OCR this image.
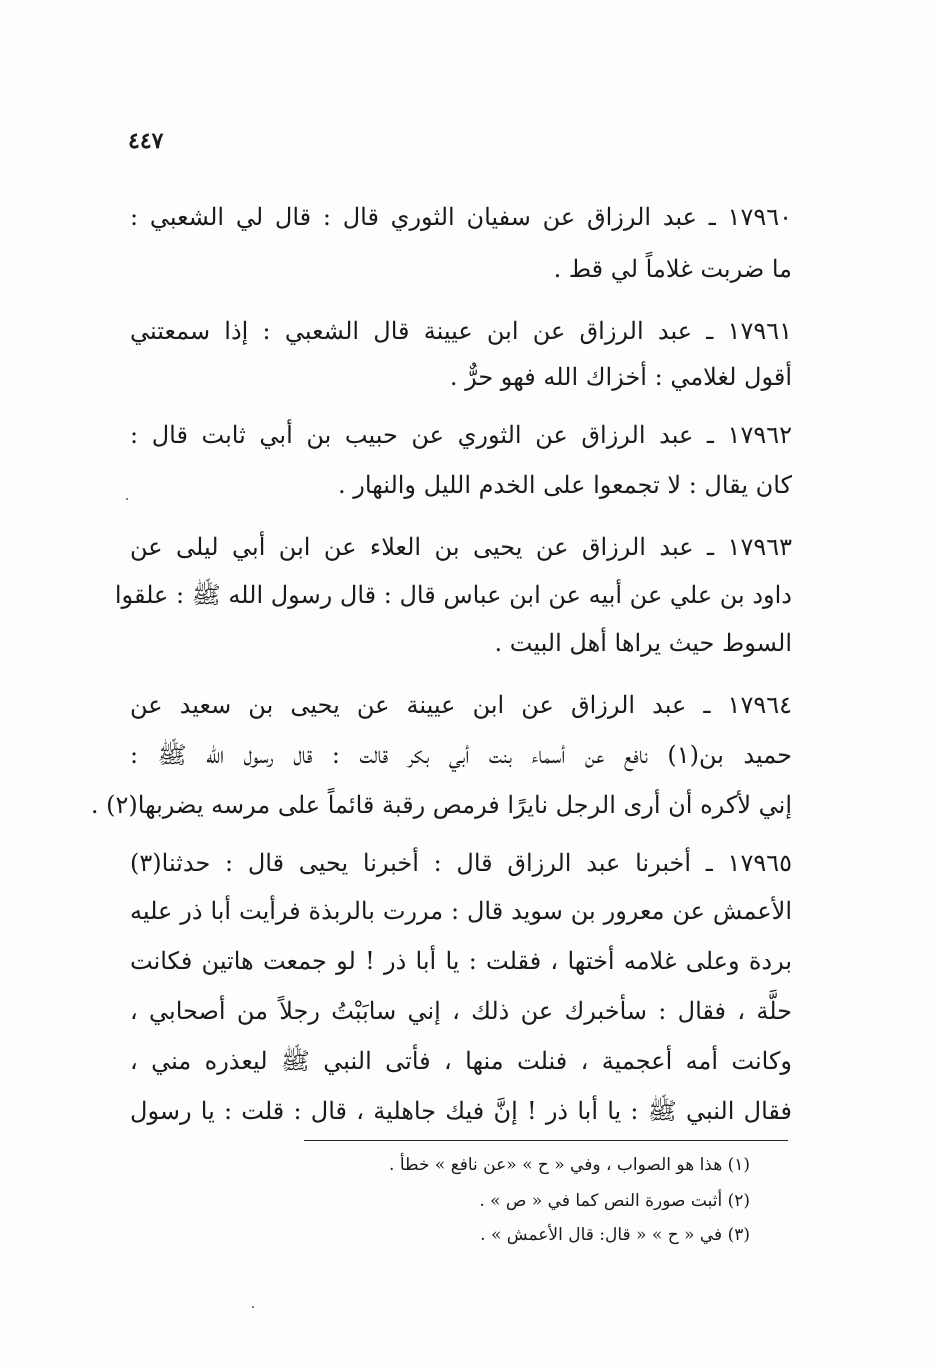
٤٤٧
١٧٩٦٠ ـ عبد الرزاق عن سفيان الثوري قال : قال لي الشعبي :
ما ضربت غلاماً لي قط .
١٧٩٦١ ـ عبد الرزاق عن ابن عيينة قال الشعبي : إذا سمعتني
أقول لغلامي : أخزاك الله فهو حرٌّ .
١٧٩٦٢ ـ عبد الرزاق عن الثوري عن حبيب بن أبي ثابت قال :
كان يقال : لا تجمعوا على الخدم الليل والنهار .
١٧٩٦٣ ـ عبد الرزاق عن يحيى بن العلاء عن ابن أبي ليلى عن
داود بن علي عن أبيه عن ابن عباس قال : قال رسول الله ﷺ : علقوا
السوط حيث يراها أهل البيت .
١٧٩٦٤ ـ عبد الرزاق عن ابن عيينة عن يحيى بن سعيد عن
حميد بن(١) نافع عن أسماء بنت أبي بكر قالت : قال رسول الله ﷺ :
إني لأكره أن أرى الرجل نايرًا فرمص رقبة قائماً على مرسه يضربها(٢) .
١٧٩٦٥ ـ أخبرنا عبد الرزاق قال : أخبرنا يحيى قال : حدثنا(٣)
الأعمش عن معرور بن سويد قال : مررت بالربذة فرأيت أبا ذر عليه
بردة وعلى غلامه أختها ، فقلت : يا أبا ذر ! لو جمعت هاتين فكانت
حلَّة ، فقال : سأخبرك عن ذلك ، إني سابَبْتُ رجلاً من أصحابي ،
وكانت أمه أعجمية ، فنلت منها ، فأتى النبي ﷺ ليعذره مني ،
فقال النبي ﷺ : يا أبا ذر ! إنَّ فيك جاهلية ، قال : قلت : يا رسول
(١) هذا هو الصواب ، وفي « ح » «عن نافع » خطأ .
(٢) أثبت صورة النص كما في « ص » .
(٣) في « ح » « قال: قال الأعمش » .
